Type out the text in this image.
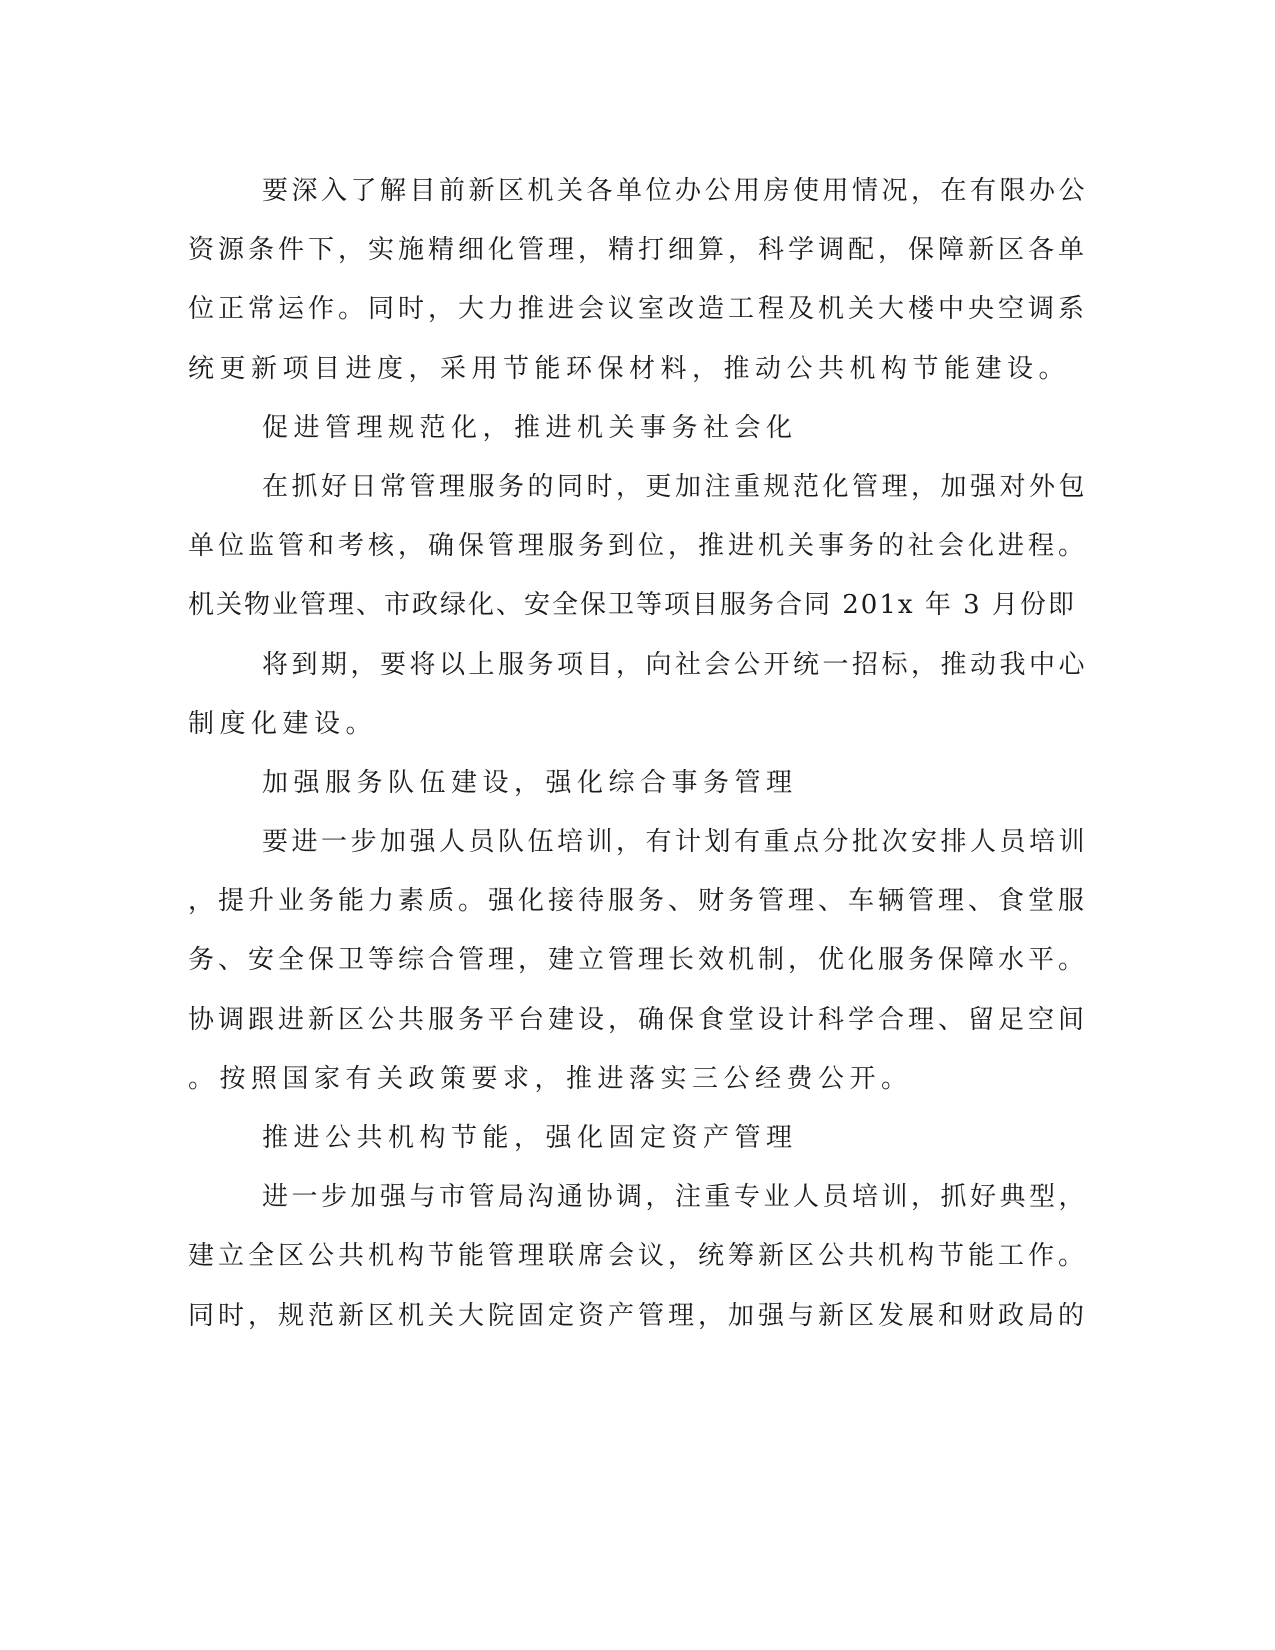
要深入了解目前新区机关各单位办公用房使用情况，在有限办公
资源条件下，实施精细化管理，精打细算，科学调配，保障新区各单
位正常运作。同时，大力推进会议室改造工程及机关大楼中央空调系
统更新项目进度，采用节能环保材料，推动公共机构节能建设。
促进管理规范化，推进机关事务社会化
在抓好日常管理服务的同时，更加注重规范化管理，加强对外包
单位监管和考核，确保管理服务到位，推进机关事务的社会化进程。
机关物业管理、市政绿化、安全保卫等项目服务合同 201x 年 3 月份即
将到期，要将以上服务项目，向社会公开统一招标，推动我中心
制度化建设。
加强服务队伍建设，强化综合事务管理
要进一步加强人员队伍培训，有计划有重点分批次安排人员培训
，提升业务能力素质。强化接待服务、财务管理、车辆管理、食堂服
务、安全保卫等综合管理，建立管理长效机制，优化服务保障水平。
协调跟进新区公共服务平台建设，确保食堂设计科学合理、留足空间
。按照国家有关政策要求，推进落实三公经费公开。
推进公共机构节能，强化固定资产管理
进一步加强与市管局沟通协调，注重专业人员培训，抓好典型，
建立全区公共机构节能管理联席会议，统筹新区公共机构节能工作。
同时，规范新区机关大院固定资产管理，加强与新区发展和财政局的
